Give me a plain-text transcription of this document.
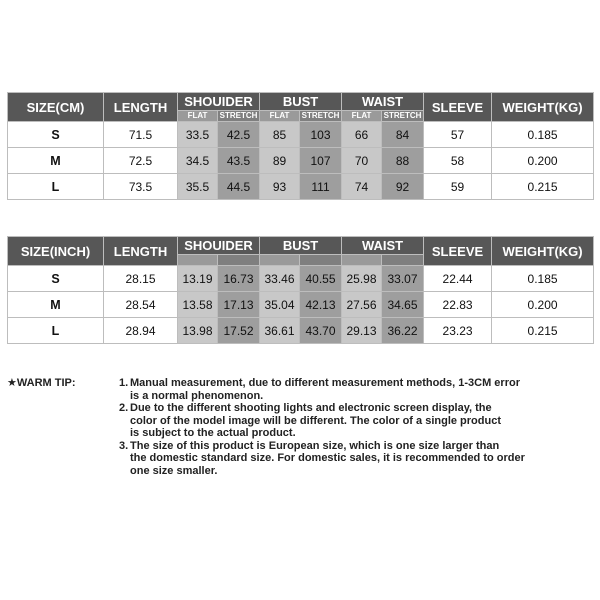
SIZE(CM)	LENGTH	SHOUIDER		BUST		WAIST		SLEEVE	WEIGHT(KG)
		FLAT	STRETCH	FLAT	STRETCH	FLAT	STRETCH		
S	71.5	33.5	42.5	85	103	66	84	57	0.185
M	72.5	34.5	43.5	89	107	70	88	58	0.200
L	73.5	35.5	44.5	93	111	74	92	59	0.215
SIZE(INCH)	LENGTH	SHOUIDER		BUST		WAIST		SLEEVE	WEIGHT(KG)

S	28.15	13.19	16.73	33.46	40.55	25.98	33.07	22.44	0.185
M	28.54	13.58	17.13	35.04	42.13	27.56	34.65	22.83	0.200
L	28.94	13.98	17.52	36.61	43.70	29.13	36.22	23.23	0.215
★WARM TIP:	1. Manual measurement, due to different measurement methods, 1-3CM error
is a normal phenomenon.
2. Due to the different shooting lights and electronic screen display, the
color of the model image will be different. The color of a single product
is subject to the actual product.
3. The size of this product is European size, which is one size larger than
the domestic standard size. For domestic sales, it is recommended to order
one size smaller.
